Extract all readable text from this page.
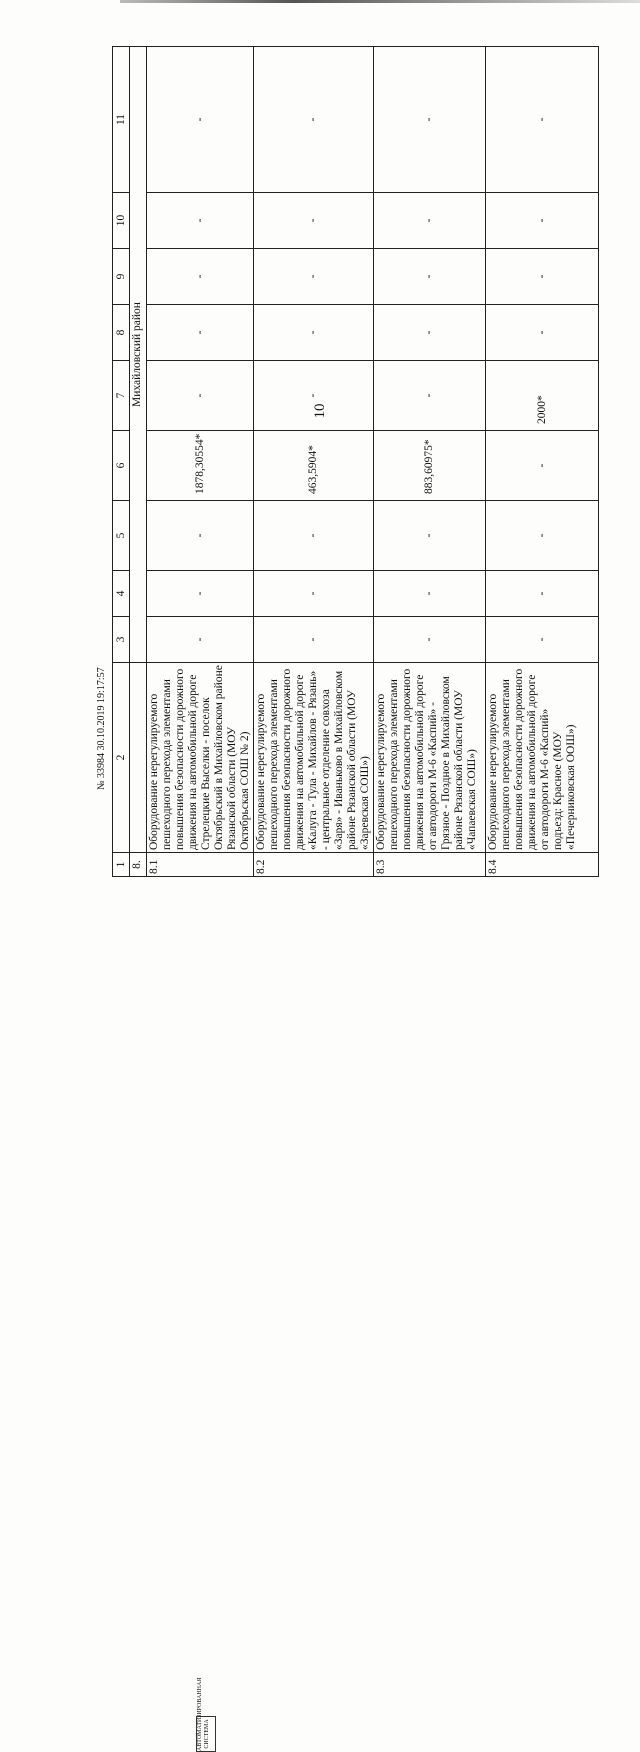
10
1	2	3	4	5	6	7	8	9	10	11
8.		Михайловский район								
8.1	Оборудование нерегулируемого пешеходного перехода элементами повышения безопасности дорожного движения на автомобильной дороге Стрелецкие Выселки - поселок Октябрьский в Михайловском районе Рязанской области (МОУ Октябрьская СОШ № 2)	-	-	-	1878,30554*	-	-	-	-	-
8.2	Оборудование нерегулируемого пешеходного перехода элементами повышения безопасности дорожного движения на автомобильной дороге «Калуга - Тула - Михайлов - Рязань» - центральное отделение совхоза «Заря» - Иваньково в Михайловском районе Рязанской области (МОУ «Заревская СОШ»)	-	-	-	463,5904*	-	-	-	-	-
8.3	Оборудование нерегулируемого пешеходного перехода элементами повышения безопасности дорожного движения на автомобильной дороге от автодороги М-6 «Каспий» - Грязное - Поздное в Михайловском районе Рязанской области (МОУ «Чапаевская СОШ»)	-	-	-	883,60975*	-	-	-	-	-
8.4	Оборудование нерегулируемого пешеходного перехода элементами повышения безопасности дорожного движения на автомобильной дороге от автодороги М-6 «Каспий» подъезд: Красное (МОУ «Печерниковская ООШ»)	-	-	-	-	2000*	-	-	-	-
№ 33984 30.10.2019 19:17:57
АВТОМАТИЗИРОВАННАЯ СИСТЕМА
